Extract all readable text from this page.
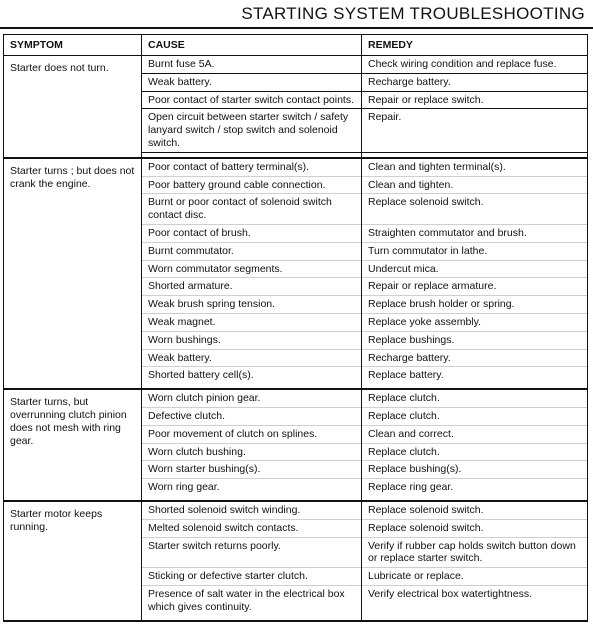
STARTING SYSTEM TROUBLESHOOTING
SYMPTOM	CAUSE	REMEDY
Starter does not turn.	Burnt fuse 5A.	Check wiring condition and replace fuse.

	Weak battery.	Recharge battery.

	Poor contact of starter switch contact points.	Repair or replace switch.

	Open circuit between starter switch / safety lanyard switch / stop switch and solenoid switch.	Repair.

Starter turns ; but does not crank the engine.	Poor contact of battery terminal(s).	Clean and tighten terminal(s).

	Poor battery ground cable connection.	Clean and tighten.

	Burnt or poor contact of solenoid switch contact disc.	Replace solenoid switch.

	Poor contact of brush.	Straighten commutator and brush.

	Burnt commutator.	Turn commutator in lathe.

	Worn commutator segments.	Undercut mica.

	Shorted armature.	Repair or replace armature.

	Weak brush spring tension.	Replace brush holder or spring.

	Weak magnet.	Replace yoke assembly.

	Worn bushings.	Replace bushings.

	Weak battery.	Recharge battery.

	Shorted battery cell(s).	Replace battery.

Starter turns, but overrunning clutch pinion does not mesh with ring gear.	Worn clutch pinion gear.	Replace clutch.

	Defective clutch.	Replace clutch.

	Poor movement of clutch on splines.	Clean and correct.

	Worn clutch bushing.	Replace clutch.

	Worn starter bushing(s).	Replace bushing(s).

	Worn ring gear.	Replace ring gear.

Starter motor keeps running.	Shorted solenoid switch winding.	Replace solenoid switch.

	Melted solenoid switch contacts.	Replace solenoid switch.

	Starter switch returns poorly.	Verify if rubber cap holds switch button down or replace starter switch.

	Sticking or defective starter clutch.	Lubricate or replace.

	Presence of salt water in the electrical box which gives continuity.	Verify electrical box watertightness.
